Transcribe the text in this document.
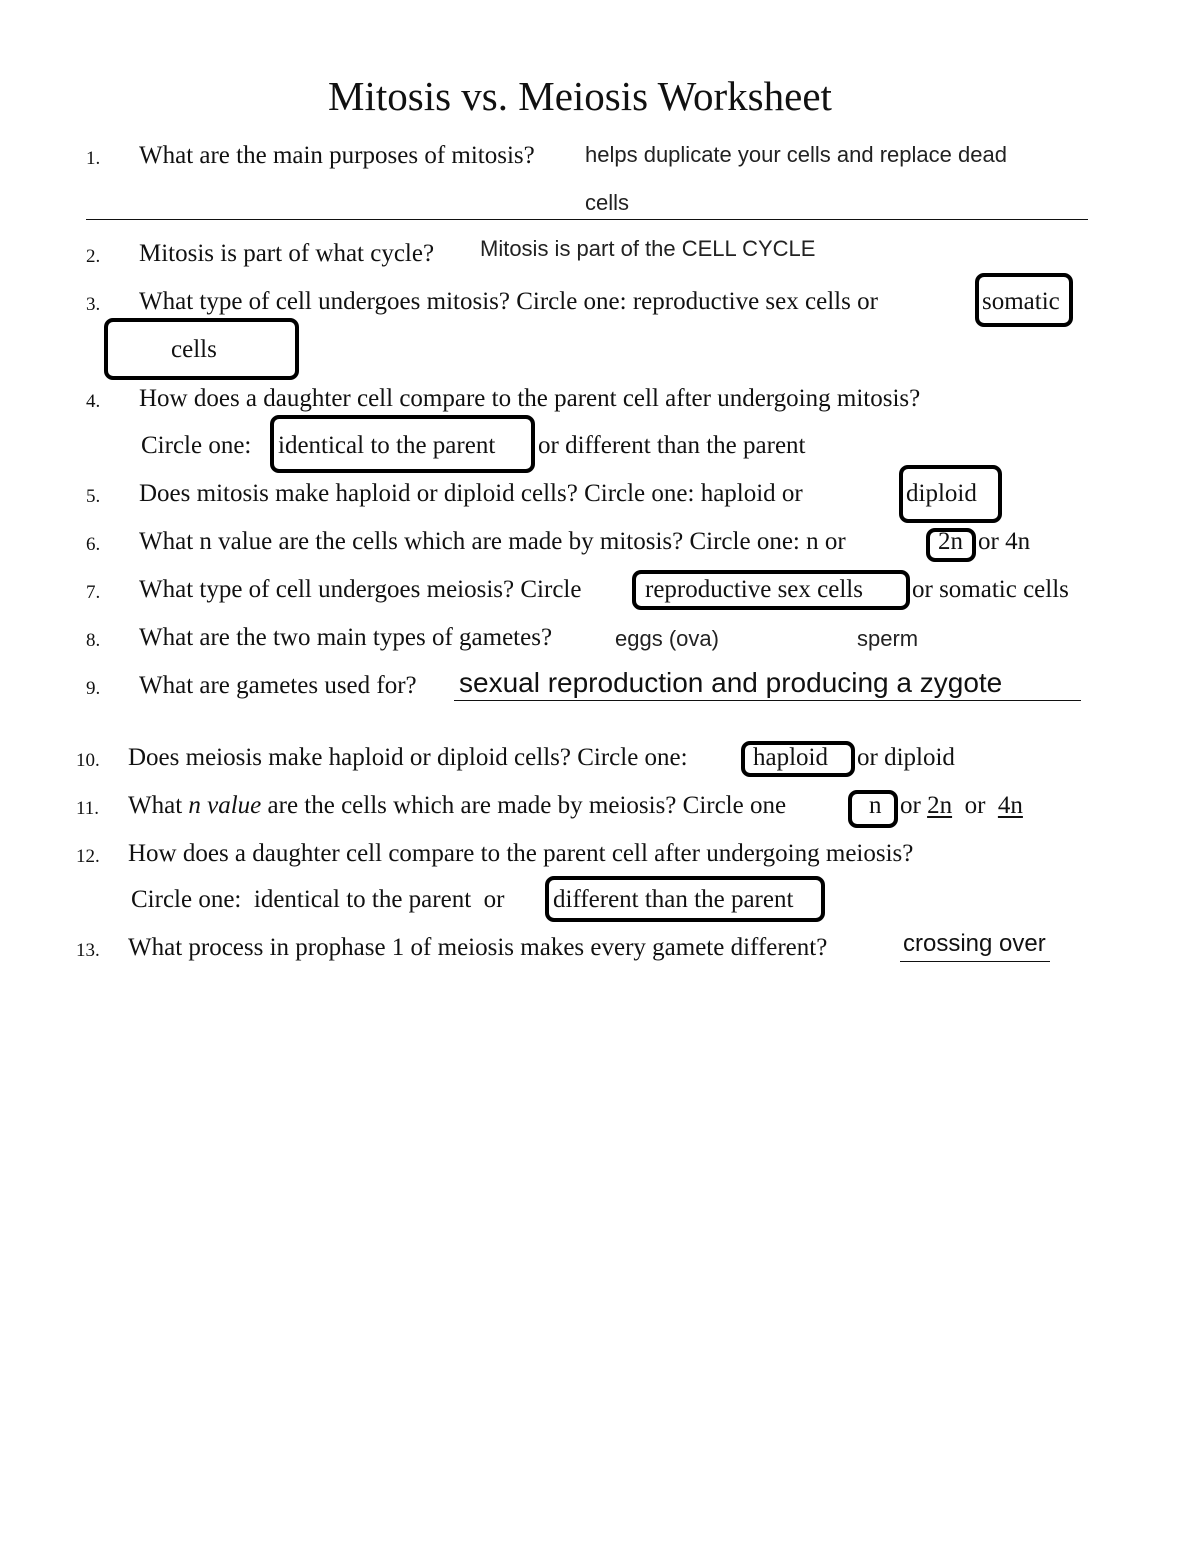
Mitosis vs. Meiosis Worksheet
1. What are the main purposes of mitosis? helps duplicate your cells and replace dead
cells
2. Mitosis is part of what cycle? Mitosis is part of the CELL CYCLE
3. What type of cell undergoes mitosis? Circle one: reproductive sex cells or	somatic
cells
4. How does a daughter cell compare to the parent cell after undergoing mitosis?
Circle one: identical to the parent or different than the parent
5. Does mitosis make haploid or diploid cells? Circle one: haploid or	diploid
6. What n value are the cells which are made by mitosis? Circle one: n or	2n or 4n
7. What type of cell undergoes meiosis? Circle	reproductive sex cells or somatic cells
8. What are the two main types of gametes?	eggs (ova)	sperm
9. What are gametes used for? sexual reproduction and producing a zygote
10. Does meiosis make haploid or diploid cells? Circle one:	haploid or diploid
11. What n value are the cells which are made by meiosis? Circle one	n or 2n  or  4n
12. How does a daughter cell compare to the parent cell after undergoing meiosis?
Circle one:  identical to the parent  or different than the parent
13. What process in prophase 1 of meiosis makes every gamete different?	crossing over
